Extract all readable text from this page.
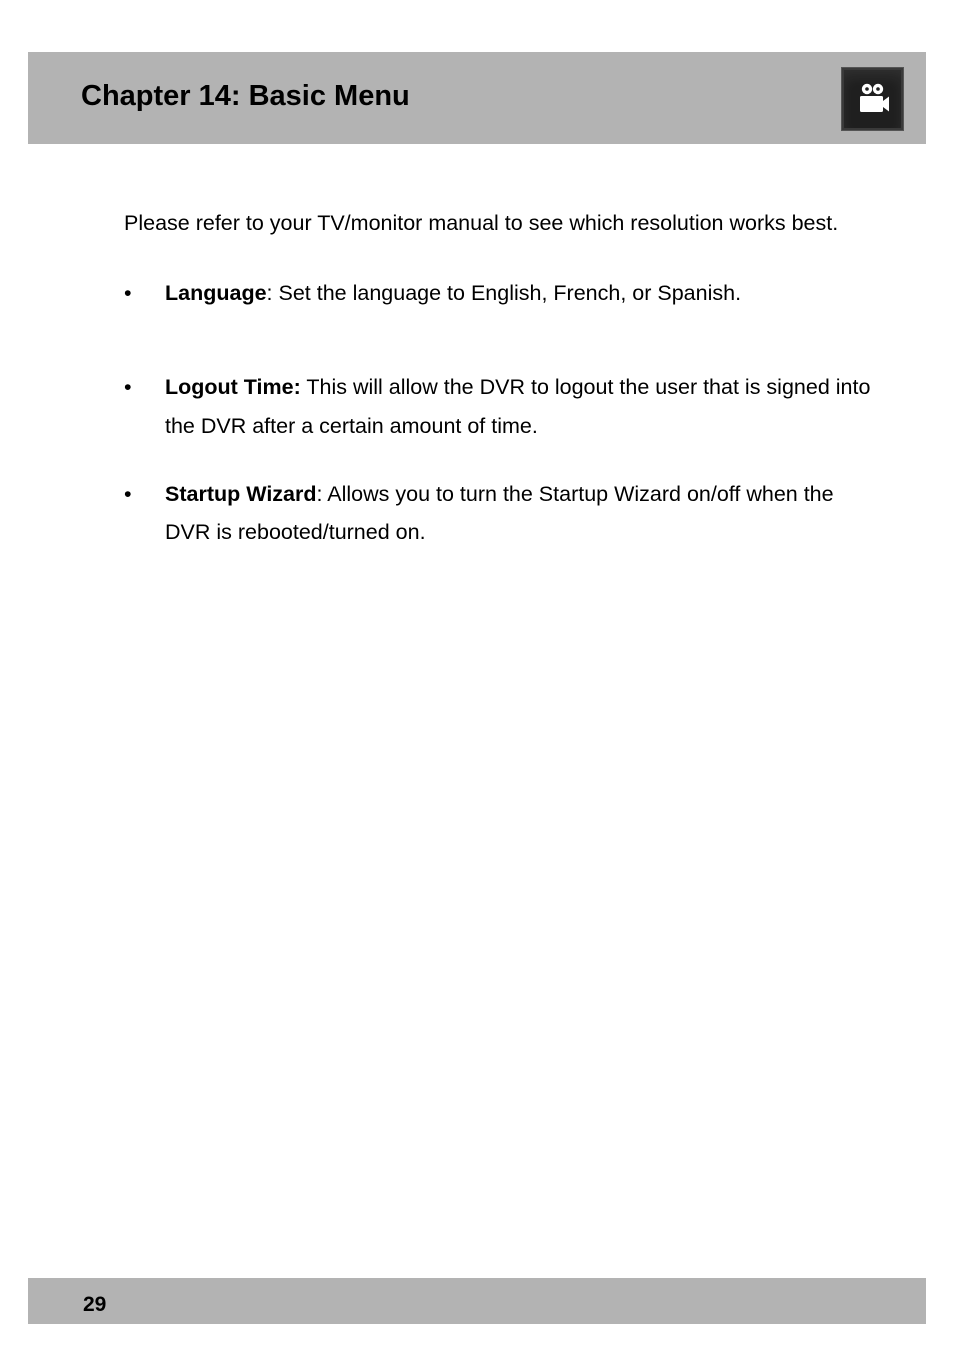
Chapter 14: Basic Menu

Please refer to your TV/monitor manual to see which resolution works best.

• Language: Set the language to English, French, or Spanish.

• Logout Time: This will allow the DVR to logout the user that is signed into the DVR after a certain amount of time.

• Startup Wizard: Allows you to turn the Startup Wizard on/off when the DVR is rebooted/turned on.

29
